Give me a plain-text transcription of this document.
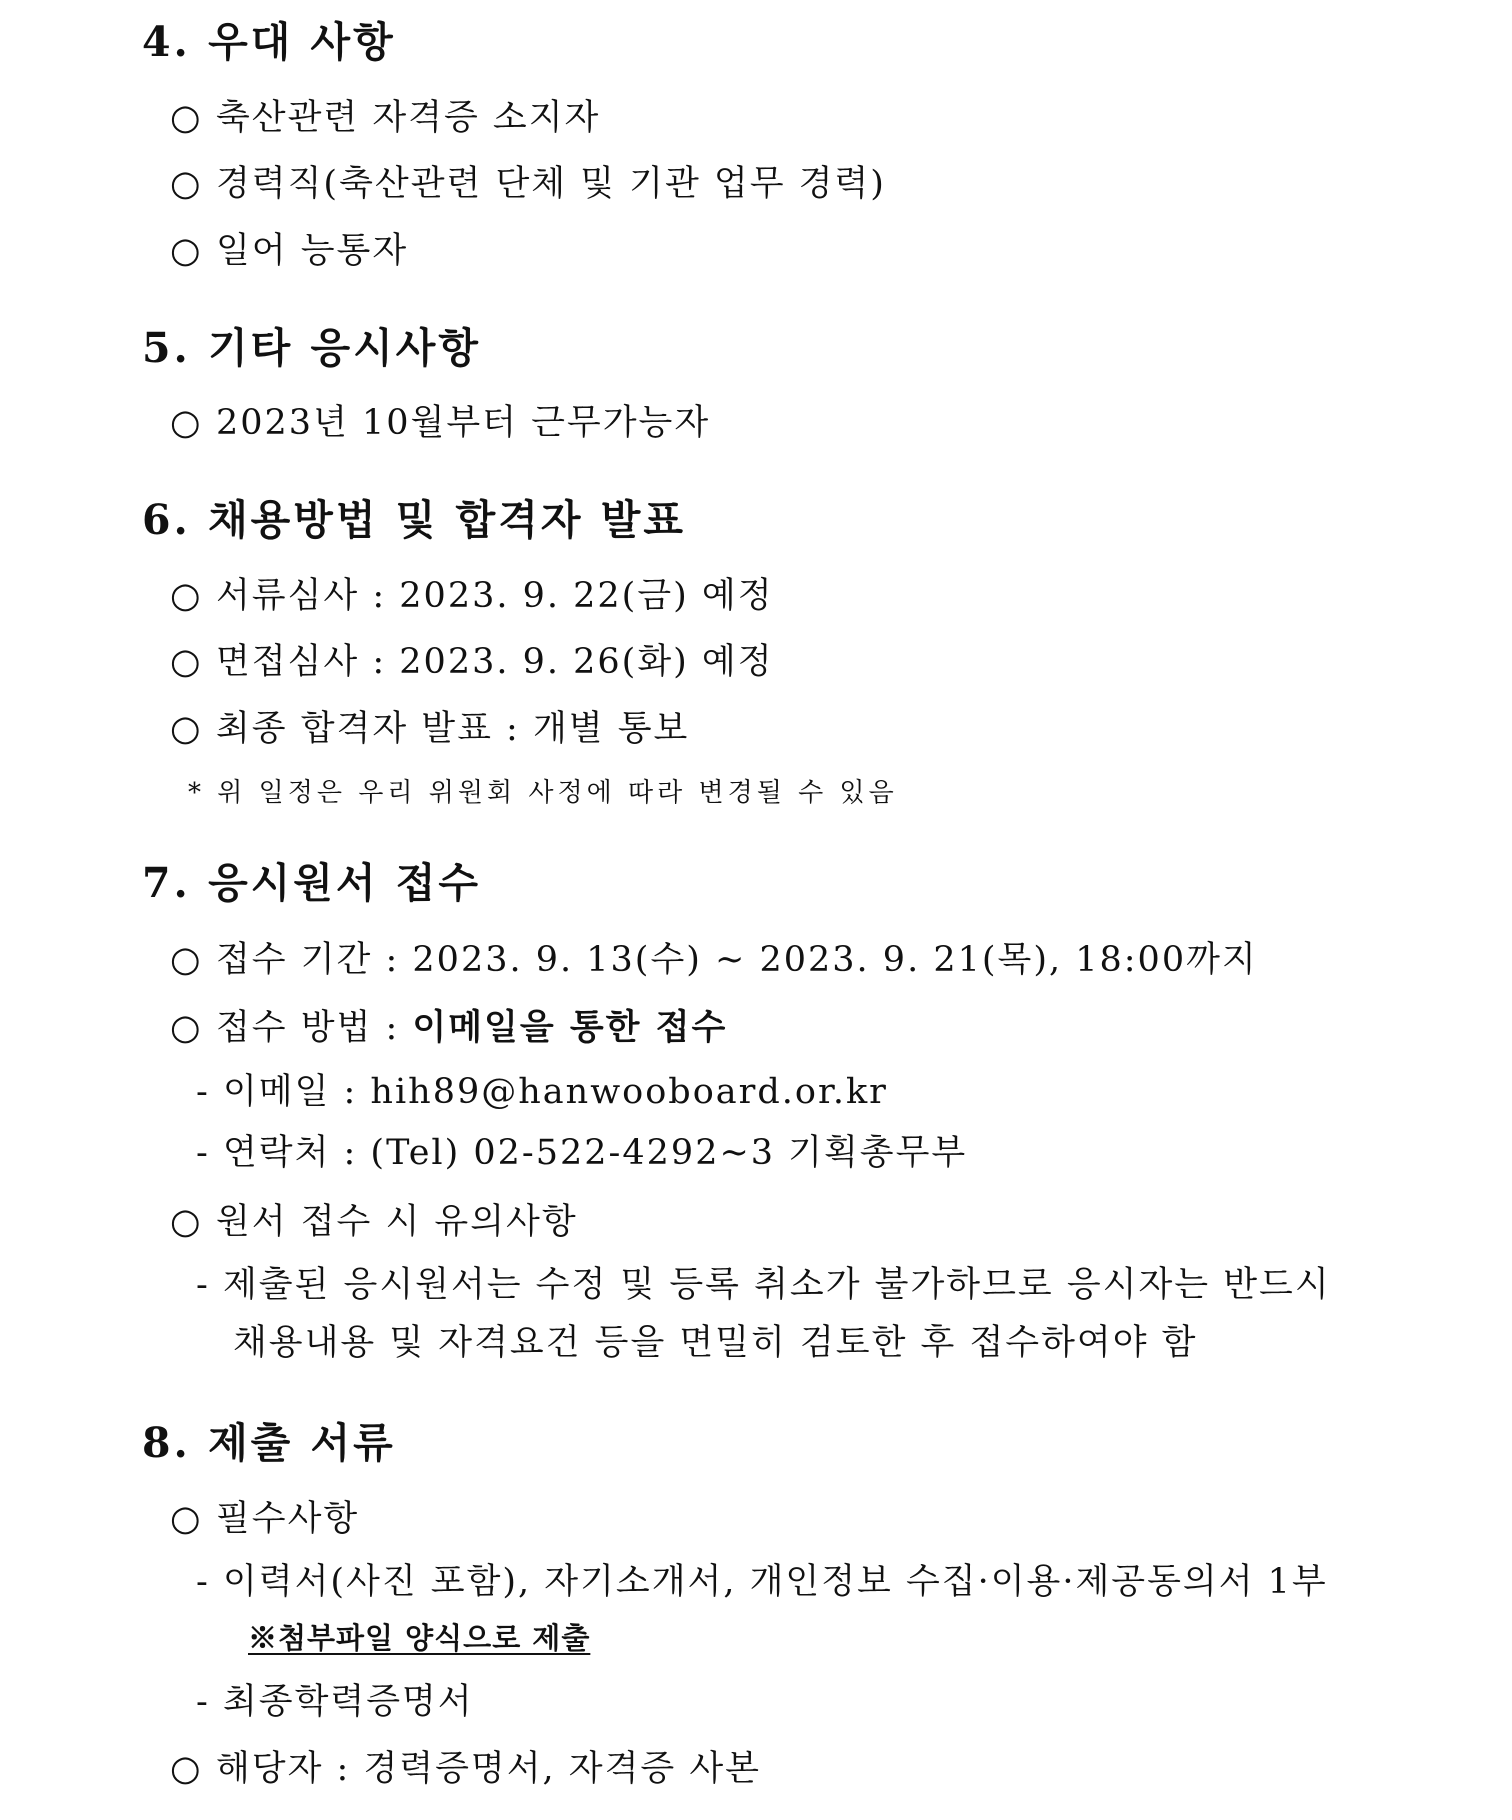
4. 우대 사항
○ 축산관련 자격증 소지자
○ 경력직(축산관련 단체 및 기관 업무 경력)
○ 일어 능통자
5. 기타 응시사항
○ 2023년 10월부터 근무가능자
6. 채용방법 및 합격자 발표
○ 서류심사 : 2023. 9. 22(금) 예정
○ 면접심사 : 2023. 9. 26(화) 예정
○ 최종 합격자 발표 : 개별 통보
* 위 일정은 우리 위원회 사정에 따라 변경될 수 있음
7. 응시원서 접수
○ 접수 기간 : 2023. 9. 13(수) ~ 2023. 9. 21(목), 18:00까지
○ 접수 방법 : 이메일을 통한 접수
- 이메일 : hih89@hanwooboard.or.kr
- 연락처 : (Tel) 02-522-4292~3 기획총무부
○ 원서 접수 시 유의사항
- 제출된 응시원서는 수정 및 등록 취소가 불가하므로 응시자는 반드시
채용내용 및 자격요건 등을 면밀히 검토한 후 접수하여야 함
8. 제출 서류
○ 필수사항
- 이력서(사진 포함), 자기소개서, 개인정보 수집·이용·제공동의서 1부
※첨부파일 양식으로 제출
- 최종학력증명서
○ 해당자 : 경력증명서, 자격증 사본
